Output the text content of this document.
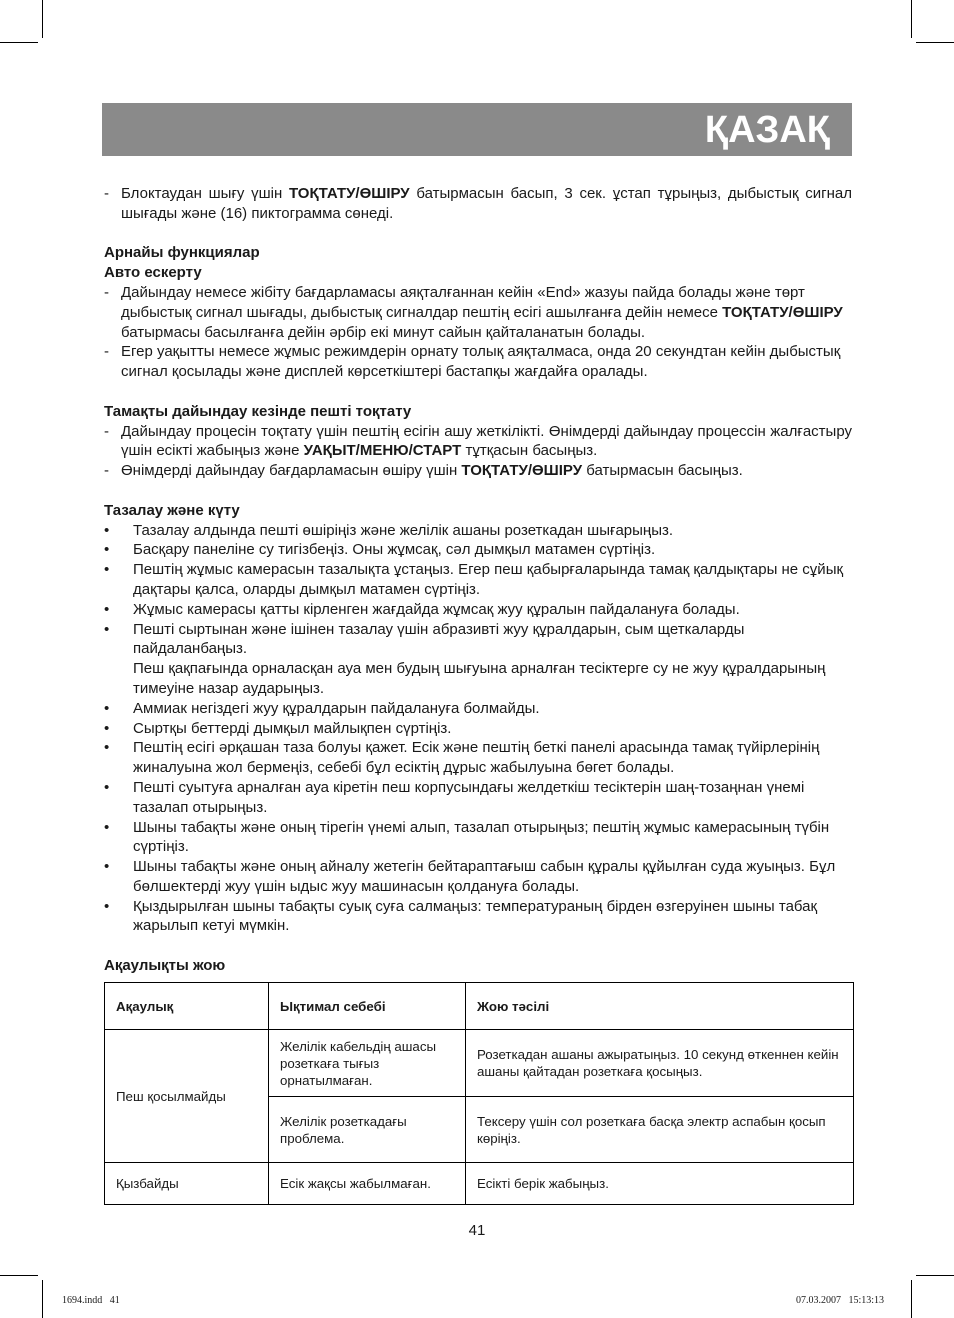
ҚАЗАҚ
- Блоктаудан шығу үшін ТОҚТАТУ/ӨШІРУ батырмасын басып, 3 сек. ұстап тұрыңыз, дыбыстық сигнал шығады және (16) пиктограмма сөнеді.
Арнайы функциялар
Авто ескерту
- Дайындау немесе жібіту бағдарламасы аяқталғаннан кейін «End» жазуы пайда болады және төрт дыбыстық сигнал шығады, дыбыстық сигналдар пештің есігі ашылғанға дейін немесе ТОҚТАТУ/ӨШІРУ батырмасы басылғанға дейін әрбір екі минут сайын қайталанатын болады.
- Егер уақытты немесе жұмыс режимдерін орнату толық аяқталмаса, онда 20 секундтан кейін дыбыстық сигнал қосылады және дисплей көрсеткіштері бастапқы жағдайға оралады.
Тамақты дайындау кезінде пешті тоқтату
- Дайындау процесін тоқтату үшін пештің есігін ашу жеткілікті. Өнімдерді дайындау процессін жалғастыру үшін есікті жабыңыз және УАҚЫТ/МЕНЮ/СТАРТ тұтқасын басыңыз.
- Өнімдерді дайындау бағдарламасын өшіру үшін ТОҚТАТУ/ӨШІРУ батырмасын басыңыз.
Тазалау және күту
• Тазалау алдында пешті өшіріңіз және желілік ашаны розеткадан шығарыңыз.
• Басқару панеліне су тигізбеңіз. Оны жұмсақ, сәл дымқыл матамен сүртіңіз.
• Пештің жұмыс камерасын тазалықта ұстаңыз. Егер пеш қабырғаларында тамақ қалдықтары не сұйық дақтары қалса, оларды дымқыл матамен сүртіңіз.
• Жұмыс камерасы қатты кірленген жағдайда жұмсақ жуу құралын пайдалануға болады.
• Пешті сыртынан және ішінен тазалау үшін абразивті жуу құралдарын, сым щеткаларды пайдаланбаңыз.
Пеш қақпағында орналасқан ауа мен будың шығуына арналған тесіктерге су не жуу құралдарының тимеуіне назар аударыңыз.
• Аммиак негіздегі жуу құралдарын пайдалануға болмайды.
• Сыртқы беттерді дымқыл майлықпен сүртіңіз.
• Пештің есігі әрқашан таза болуы қажет. Есік және пештің беткі панелі арасында тамақ түйірлерінің жиналуына жол бермеңіз, себебі бұл есіктің дұрыс жабылуына бөгет болады.
• Пешті суытуға арналған ауа кіретін пеш корпусындағы желдеткіш тесіктерін шаң-тозаңнан үнемі тазалап отырыңыз.
• Шыны табақты және оның тірегін үнемі алып, тазалап отырыңыз; пештің жұмыс камерасының түбін сүртіңіз.
• Шыны табақты және оның айналу жетегін бейтараптағыш сабын құралы құйылған суда жуыңыз. Бұл бөлшектерді жуу үшін ыдыс жуу машинасын қолдануға болады.
• Қыздырылған шыны табақты суық суға салмаңыз: температураның бірден өзгеруінен шыны табақ жарылып кетуі мүмкін.
Ақаулықты жою
Ақаулық	Ықтимал себебі	Жою тәсілі
Пеш қосылмайды	Желілік кабельдің ашасы розеткаға тығыз орнатылмаған.	Розеткадан ашаны ажыратыңыз. 10 секунд өткеннен кейін ашаны қайтадан розеткаға қосыңыз.
	Желілік розеткадағы проблема.	Тексеру үшін сол розеткаға басқа электр аспабын қосып көріңіз.
Қызбайды	Есік жақсы жабылмаған.	Есікті берік жабыңыз.
41
1694.indd   41	07.03.2007   15:13:13
